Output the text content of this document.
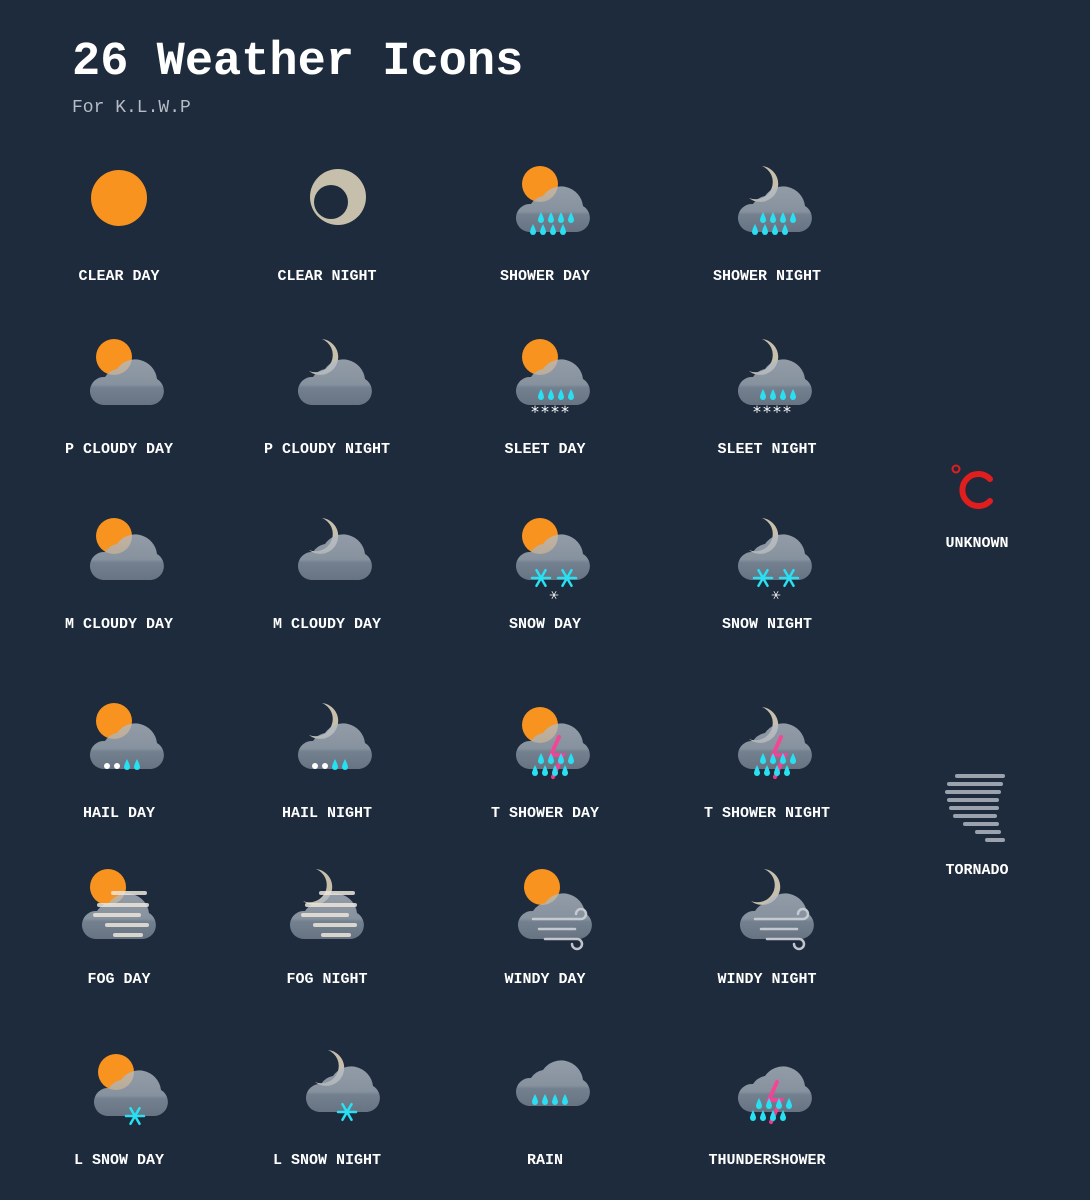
26 Weather Icons

For K.L.W.P

CLEAR DAY	CLEAR NIGHT	SHOWER DAY	SHOWER NIGHT
P CLOUDY DAY	P CLOUDY NIGHT	SLEET DAY	SLEET NIGHT
M CLOUDY DAY	M CLOUDY DAY	SNOW DAY	SNOW NIGHT
HAIL DAY	HAIL NIGHT	T SHOWER DAY	T SHOWER NIGHT
FOG DAY	FOG NIGHT	WINDY DAY	WINDY NIGHT
L SNOW DAY	L SNOW NIGHT	RAIN	THUNDERSHOWER
UNKNOWN
TORNADO
